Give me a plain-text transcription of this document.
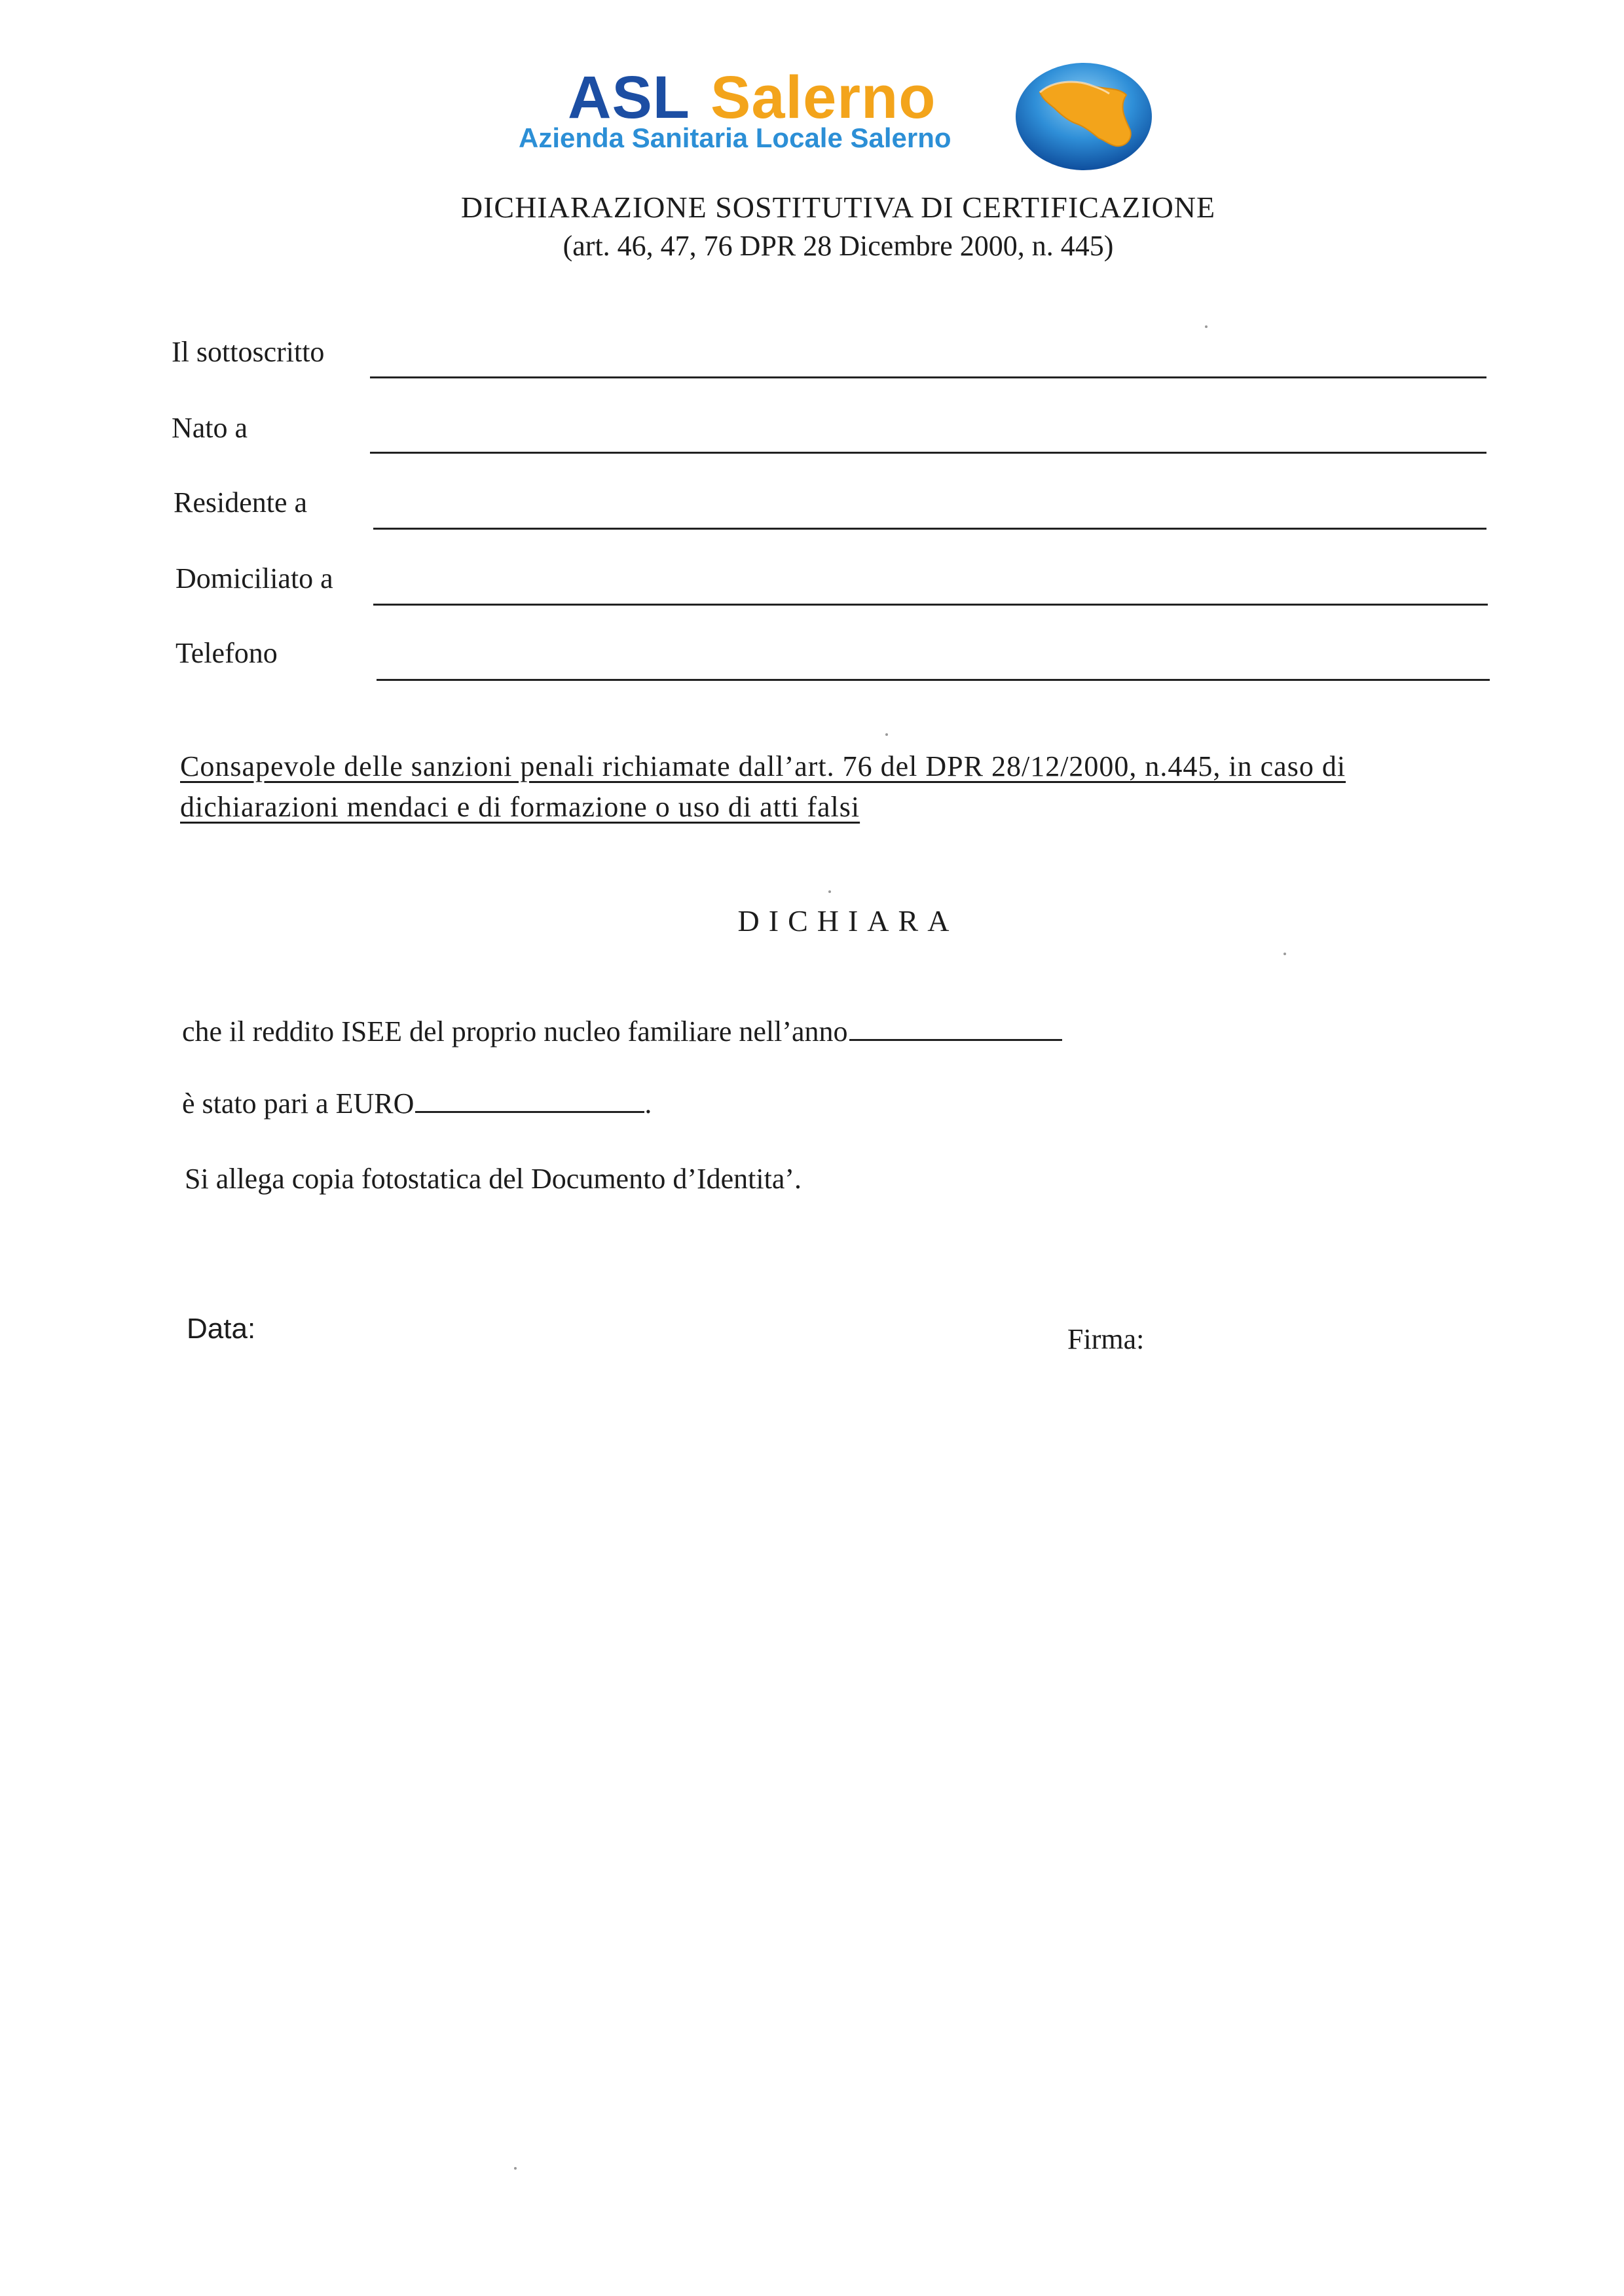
ASL Salerno
Azienda Sanitaria Locale Salerno
DICHIARAZIONE SOSTITUTIVA DI CERTIFICAZIONE
(art. 46, 47, 76 DPR 28 Dicembre 2000, n. 445)
Il sottoscritto
Nato a
Residente a
Domiciliato a
Telefono
Consapevole delle sanzioni penali richiamate dall’art. 76 del DPR 28/12/2000, n.445, in caso di
dichiarazioni mendaci e di formazione o uso di atti falsi
DICHIARA
che il reddito ISEE del proprio nucleo familiare nell’anno
è stato pari a EURO	.
Si allega copia fotostatica del Documento d’Identita’.
Data:	Firma:
